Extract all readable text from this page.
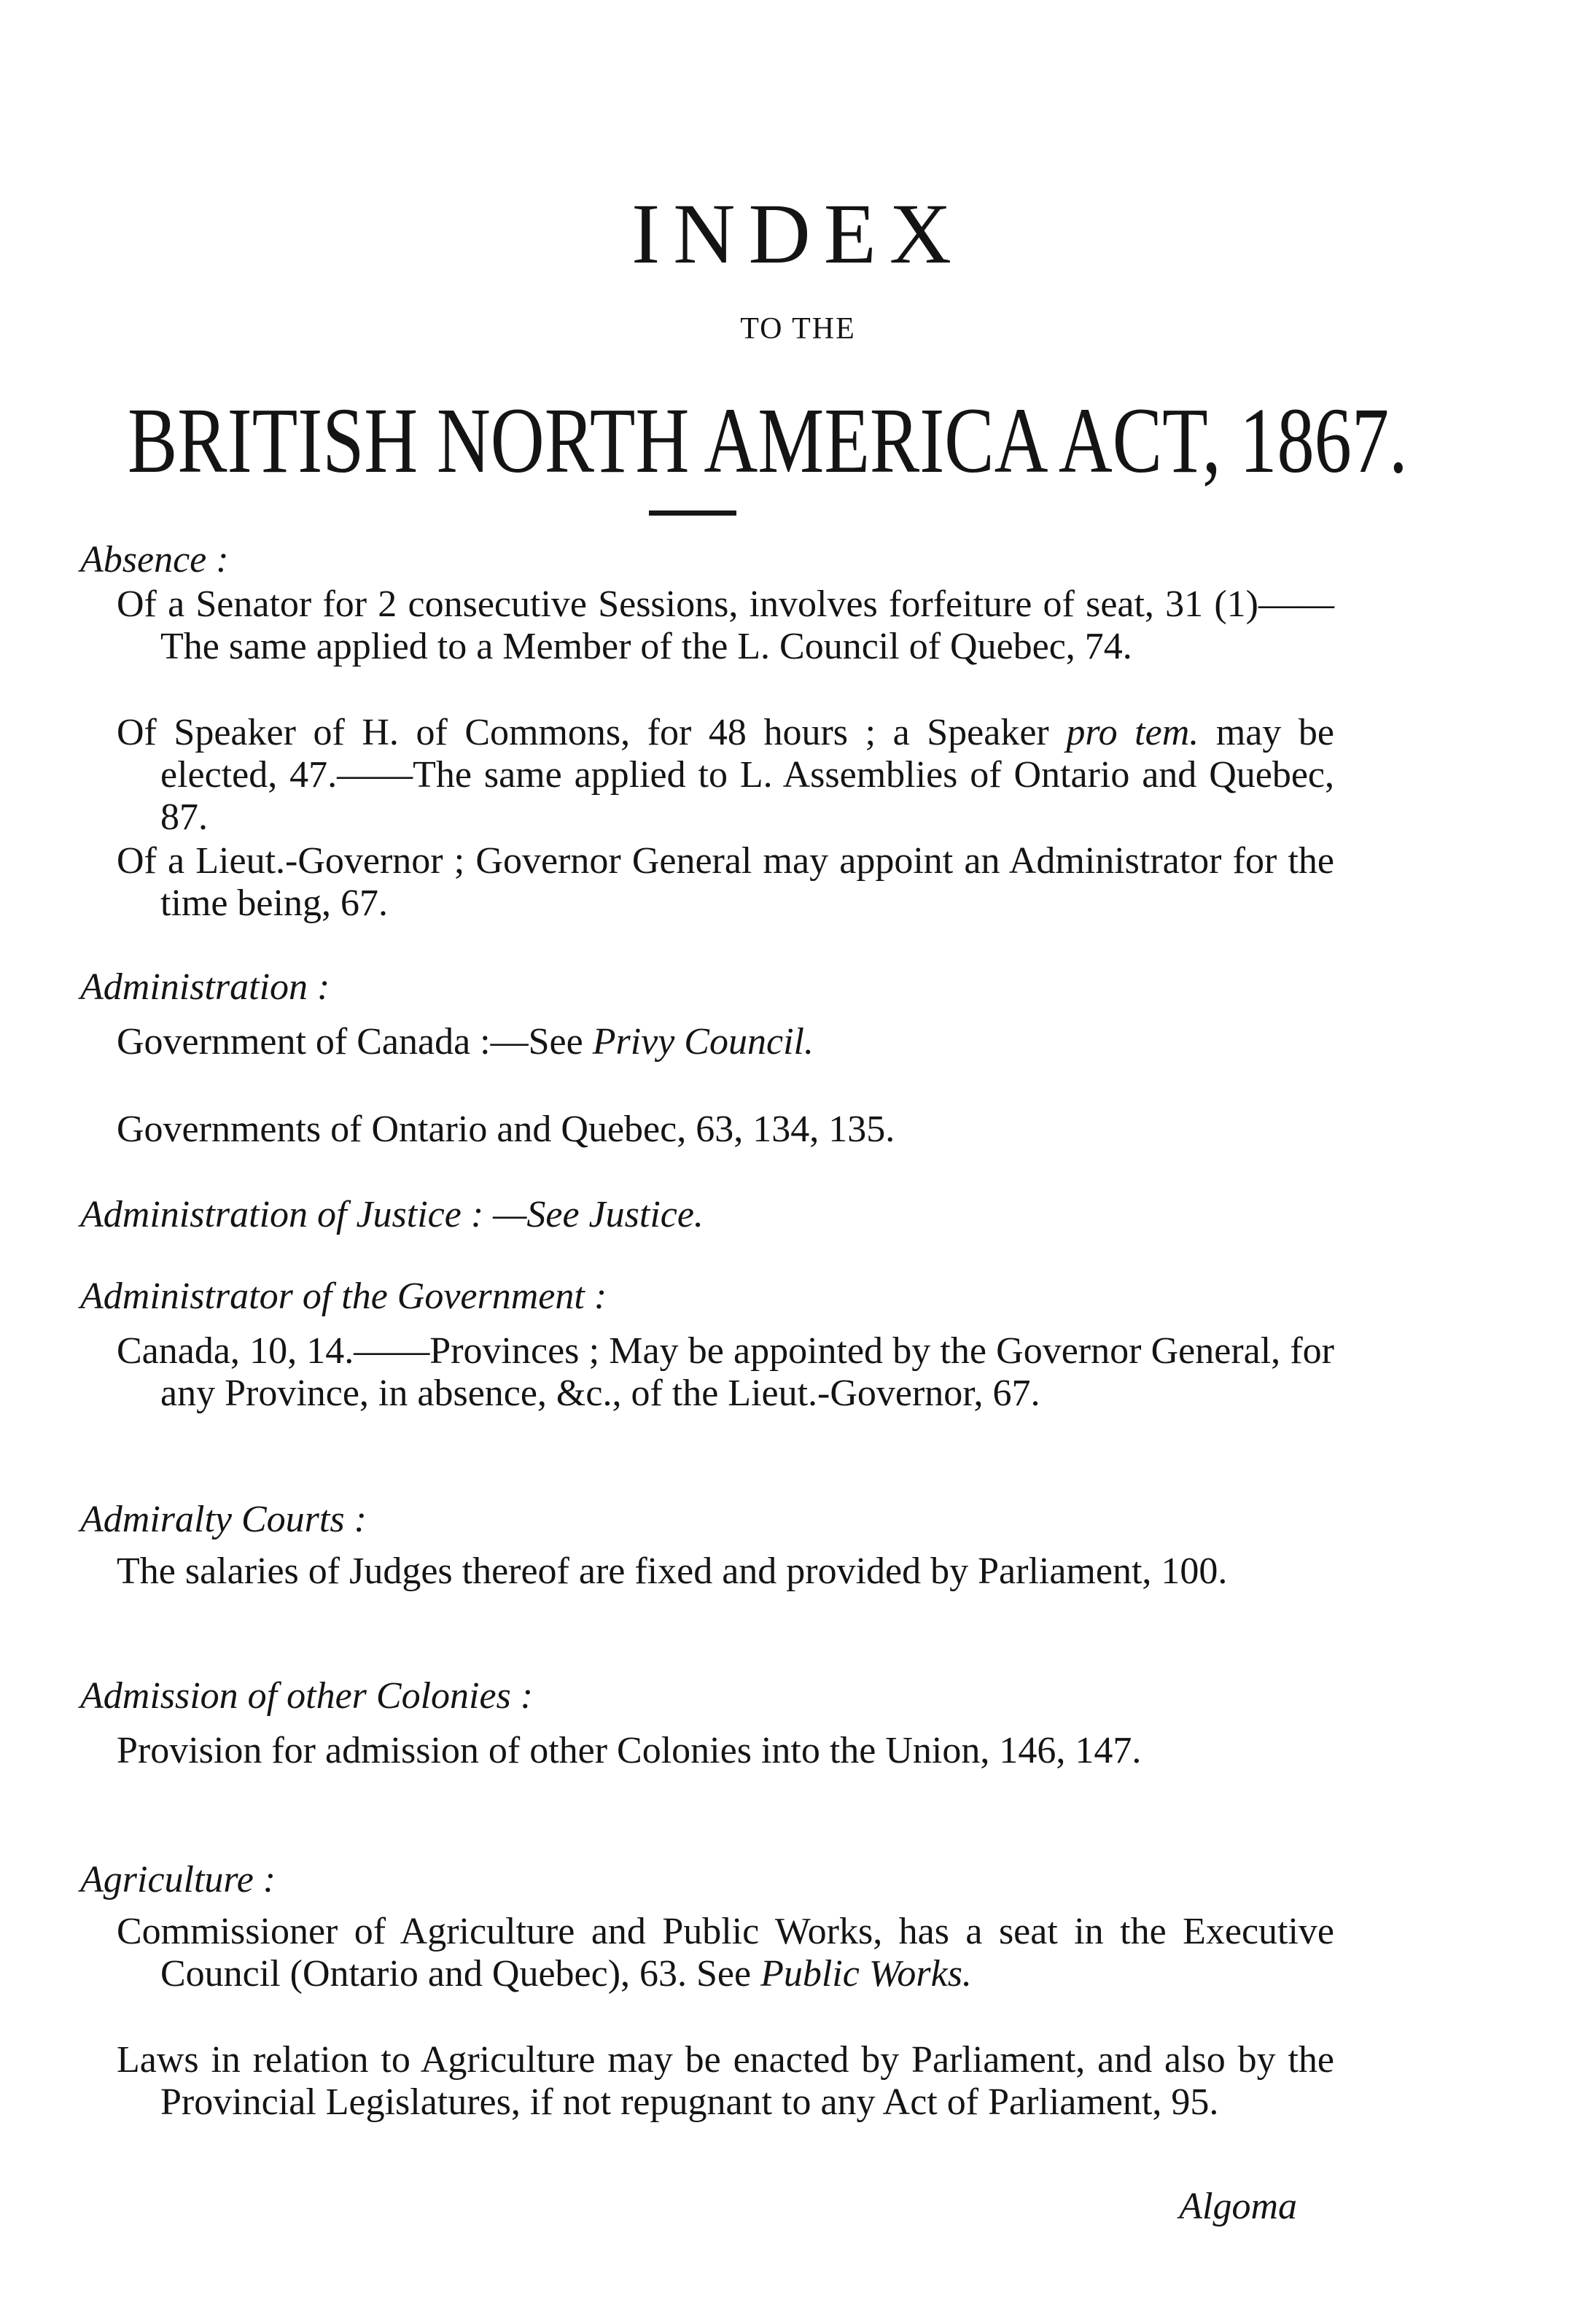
INDEX
TO THE
BRITISH NORTH AMERICA ACT, 1867.
Absence :
Of a Senator for 2 consecutive Sessions, involves forfeiture of seat, 31 (1)——The same applied to a Member of the L. Council of Quebec, 74.
Of Speaker of H. of Commons, for 48 hours ; a Speaker pro tem. may be elected, 47.——The same applied to L. Assemblies of Ontario and Quebec, 87.
Of a Lieut.-Governor ; Governor General may appoint an Administrator for the time being, 67.
Administration :
Government of Canada :—See Privy Council.
Governments of Ontario and Quebec, 63, 134, 135.
Administration of Justice : —See Justice.
Administrator of the Government :
Canada, 10, 14.——Provinces ; May be appointed by the Governor General, for any Province, in absence, &c., of the Lieut.-Governor, 67.
Admiralty Courts :
The salaries of Judges thereof are fixed and provided by Parliament, 100.
Admission of other Colonies :
Provision for admission of other Colonies into the Union, 146, 147.
Agriculture :
Commissioner of Agriculture and Public Works, has a seat in the Executive Council (Ontario and Quebec), 63. See Public Works.
Laws in relation to Agriculture may be enacted by Parliament, and also by the Provincial Legislatures, if not repugnant to any Act of Parliament, 95.
Algoma
